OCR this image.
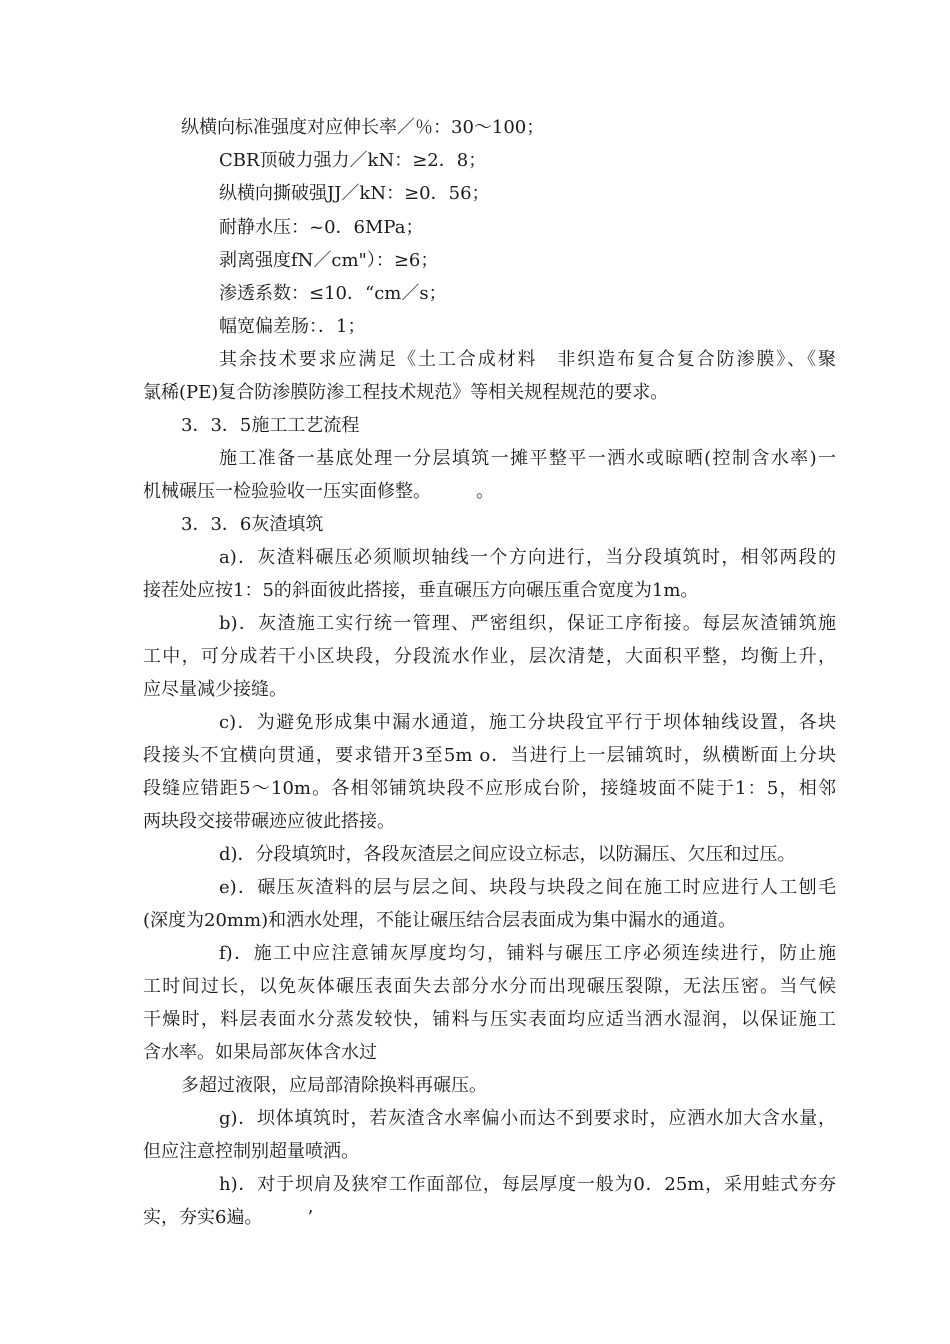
纵横向标准强度对应伸长率／％：30～100；
CBR顶破力强力／kN：≥2．8；
纵横向撕破强JJ／kN：≥0．56；
耐静水压：~0．6MPa；
剥离强度fN／cm"）：≥6；
渗透系数：≤10．“cm／s；
幅宽偏差肠：．1；
其余技术要求应满足《土工合成材料　非织造布复合复合防渗膜》、《聚
氯稀(PE)复合防渗膜防渗工程技术规范》等相关规程规范的要求。
3．3．5施工工艺流程
施工准备一基底处理一分层填筑一摊平整平一洒水或晾晒(控制含水率)一
机械碾压一检验验收一压实面修整。　　　。
3．3．6灰渣填筑
a)．灰渣料碾压必须顺坝轴线一个方向进行，当分段填筑时，相邻两段的
接茬处应按1：5的斜面彼此搭接，垂直碾压方向碾压重合宽度为1m。
b)．灰渣施工实行统一管理、严密组织，保证工序衔接。每层灰渣铺筑施
工中，可分成若干小区块段，分段流水作业，层次清楚，大面积平整，均衡上升，
应尽量减少接缝。
c)．为避免形成集中漏水通道，施工分块段宜平行于坝体轴线设置，各块
段接头不宜横向贯通，要求错开3至5m o．当进行上一层铺筑时，纵横断面上分块
段缝应错距5～10m。各相邻铺筑块段不应形成台阶，接缝坡面不陡于1：5，相邻
两块段交接带碾迹应彼此搭接。
d)．分段填筑时，各段灰渣层之间应设立标志，以防漏压、欠压和过压。
e)．碾压灰渣料的层与层之间、块段与块段之间在施工时应进行人工刨毛
(深度为20mm)和洒水处理，不能让碾压结合层表面成为集中漏水的通道。
f)．施工中应注意铺灰厚度均匀，铺料与碾压工序必须连续进行，防止施
工时间过长，以免灰体碾压表面失去部分水分而出现碾压裂隙，无法压密。当气候
干燥时，料层表面水分蒸发较快，铺料与压实表面均应适当洒水湿润，以保证施工
含水率。如果局部灰体含水过
多超过液限，应局部清除换料再碾压。
g)．坝体填筑时，若灰渣含水率偏小而达不到要求时，应洒水加大含水量，
但应注意控制别超量喷洒。
h)．对于坝肩及狭窄工作面部位，每层厚度一般为0．25m，采用蛙式夯夯
实，夯实6遍。　　　’
